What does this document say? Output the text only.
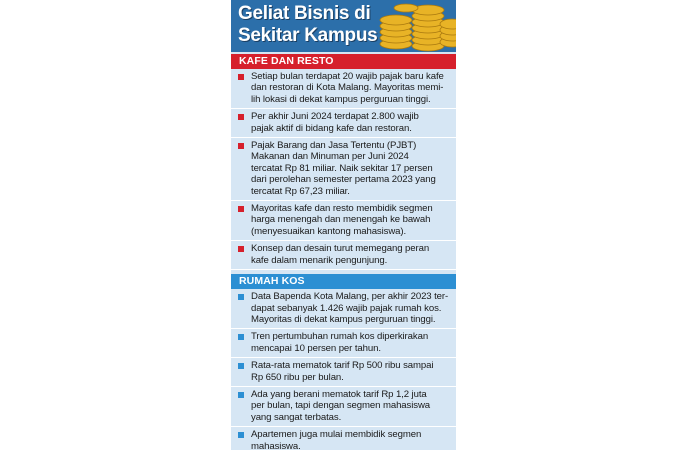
Geliat Bisnis di
Sekitar Kampus
KAFE DAN RESTO
Setiap bulan terdapat 20 wajib pajak baru kafe
dan restoran di Kota Malang. Mayoritas memi-
lih lokasi di dekat kampus perguruan tinggi.
Per akhir Juni 2024 terdapat 2.800 wajib
pajak aktif di bidang kafe dan restoran.
Pajak Barang dan Jasa Tertentu (PJBT)
Makanan dan Minuman per Juni 2024
tercatat Rp 81 miliar. Naik sekitar 17 persen
dari perolehan semester pertama 2023 yang
tercatat Rp 67,23 miliar.
Mayoritas kafe dan resto membidik segmen
harga menengah dan menengah ke bawah
(menyesuaikan kantong mahasiswa).
Konsep dan desain turut memegang peran
kafe dalam menarik pengunjung.
RUMAH KOS
Data Bapenda Kota Malang, per akhir 2023 ter-
dapat sebanyak 1.426 wajib pajak rumah kos.
Mayoritas di dekat kampus perguruan tinggi.
Tren pertumbuhan rumah kos diperkirakan
mencapai 10 persen per tahun.
Rata-rata mematok tarif Rp 500 ribu sampai
Rp 650 ribu per bulan.
Ada yang berani mematok tarif Rp 1,2 juta
per bulan, tapi dengan segmen mahasiswa
yang sangat terbatas.
Apartemen juga mulai membidik segmen
mahasiswa.
